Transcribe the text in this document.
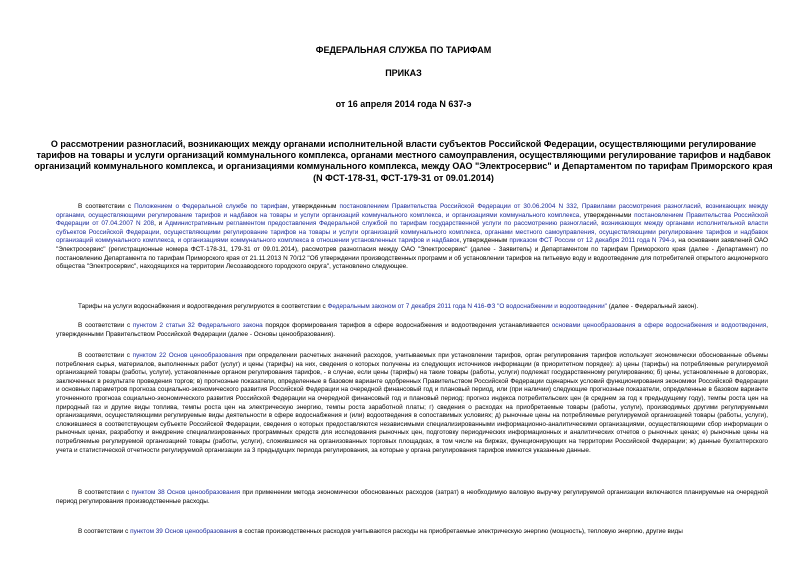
ФЕДЕРАЛЬНАЯ СЛУЖБА ПО ТАРИФАМ
ПРИКАЗ
от 16 апреля 2014 года N 637-э
О рассмотрении разногласий, возникающих между органами исполнительной власти субъектов Российской Федерации, осуществляющими регулирование тарифов на товары и услуги организаций коммунального комплекса, органами местного самоуправления, осуществляющими регулирование тарифов и надбавок организаций коммунального комплекса, и организациями коммунального комплекса, между ОАО "Электросервис" и Департаментом по тарифам Приморского края (N ФСТ-178-31, ФСТ-179-31 от 09.01.2014)

В соответствии с Положением о Федеральной службе по тарифам, утвержденным постановлением Правительства Российской Федерации от 30.06.2004 N 332, Правилами рассмотрения разногласий, возникающих между органами, осуществляющими регулирование тарифов и надбавок на товары и услуги организаций коммунального комплекса, и организациями коммунального комплекса, утвержденными постановлением Правительства Российской Федерации от 07.04.2007 N 208, и Административным регламентом предоставления Федеральной службой по тарифам государственной услуги по рассмотрению разногласий, возникающих между органами исполнительной власти субъектов Российской Федерации, осуществляющими регулирование тарифов на товары и услуги организаций коммунального комплекса, органами местного самоуправления, осуществляющими регулирование тарифов и надбавок организаций коммунального комплекса, и организациями коммунального комплекса в отношении установленных тарифов и надбавок, утвержденным приказом ФСТ России от 12 декабря 2011 года N 794-э, на основании заявлений ОАО "Электросервис" (регистрационные номера ФСТ-178-31, 179-31 от 09.01.2014), рассмотрев разногласия между ОАО "Электросервис" (далее - Заявитель) и Департаментом по тарифам Приморского края (далее - Департамент) по постановлению Департамента по тарифам Приморского края от 21.11.2013 N 70/12 "Об утверждении производственных программ и об установлении тарифов на питьевую воду и водоотведение для потребителей открытого акционерного общества "Электросервис", находящихся на территории Лесозаводского городского округа", установлено следующее.

Тарифы на услуги водоснабжения и водоотведения регулируются в соответствии с Федеральным законом от 7 декабря 2011 года N 416-ФЗ "О водоснабжении и водоотведении" (далее - Федеральный закон).

В соответствии с пунктом 2 статьи 32 Федерального закона порядок формирования тарифов в сфере водоснабжения и водоотведения устанавливается основами ценообразования в сфере водоснабжения и водоотведения, утвержденными Правительством Российской Федерации (далее - Основы ценообразования).

В соответствии с пунктом 22 Основ ценообразования при определении расчетных значений расходов, учитываемых при установлении тарифов, орган регулирования тарифов использует экономически обоснованные объемы потребления сырья, материалов, выполненных работ (услуг) и цены (тарифы) на них, сведения о которых получены из следующих источников информации (в приоритетном порядке): а) цены (тарифы) на потребляемые регулируемой организацией товары (работы, услуги), установленные органом регулирования тарифов, - в случае, если цены (тарифы) на такие товары (работы, услуги) подлежат государственному регулированию; б) цены, установленные в договорах, заключенных в результате проведения торгов; в) прогнозные показатели, определенные в базовом варианте одобренных Правительством Российской Федерации сценарных условий функционирования экономики Российской Федерации и основных параметров прогноза социально-экономического развития Российской Федерации на очередной финансовый год и плановый период, или (при наличии) следующие прогнозные показатели, определенные в базовом варианте уточненного прогноза социально-экономического развития Российской Федерации на очередной финансовый год и плановый период: прогноз индекса потребительских цен (в среднем за год к предыдущему году), темпы роста цен на природный газ и другие виды топлива, темпы роста цен на электрическую энергию, темпы роста заработной платы; г) сведения о расходах на приобретаемые товары (работы, услуги), производимых другими регулируемыми организациями, осуществляющими регулируемые виды деятельности в сфере водоснабжения и (или) водоотведения в сопоставимых условиях; д) рыночные цены на потребляемые регулируемой организацией товары (работы, услуги), сложившиеся в соответствующем субъекте Российской Федерации, сведения о которых предоставляются независимыми специализированными информационно-аналитическими организациями, осуществляющими сбор информации о рыночных ценах, разработку и внедрение специализированных программных средств для исследования рыночных цен, подготовку периодических информационных и аналитических отчетов о рыночных ценах; е) рыночные цены на потребляемые регулируемой организацией товары (работы, услуги), сложившиеся на организованных торговых площадках, в том числе на биржах, функционирующих на территории Российской Федерации; ж) данные бухгалтерского учета и статистической отчетности регулируемой организации за 3 предыдущих периода регулирования, за которые у органа регулирования тарифов имеются указанные данные.

В соответствии с пунктом 38 Основ ценообразования при применении метода экономически обоснованных расходов (затрат) в необходимую валовую выручку регулируемой организации включаются планируемые на очередной период регулирования производственные расходы.

В соответствии с пунктом 39 Основ ценообразования в состав производственных расходов учитываются расходы на приобретаемые электрическую энергию (мощность), тепловую энергию, другие виды
